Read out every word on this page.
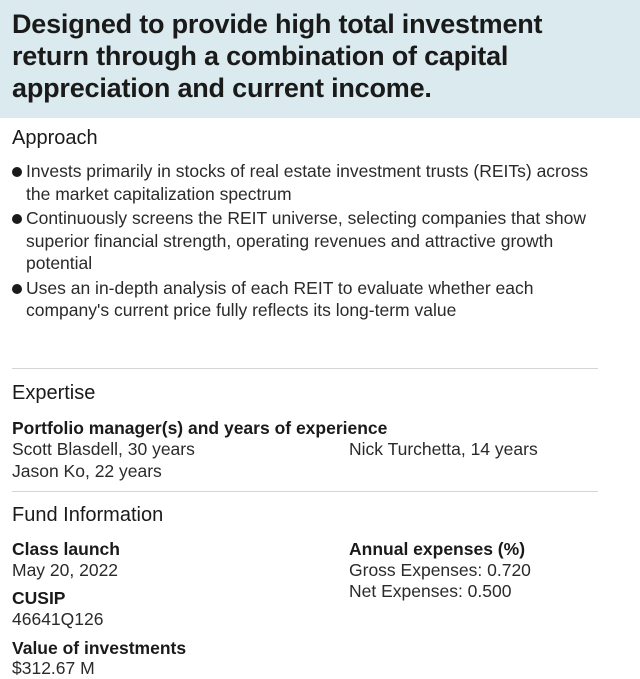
Designed to provide high total investment return through a combination of capital appreciation and current income.
Approach
Invests primarily in stocks of real estate investment trusts (REITs) across the market capitalization spectrum
Continuously screens the REIT universe, selecting companies that show superior financial strength, operating revenues and attractive growth potential
Uses an in-depth analysis of each REIT to evaluate whether each company's current price fully reflects its long-term value
Expertise

Portfolio manager(s) and years of experience

Scott Blasdell, 30 years	Nick Turchetta, 14 years

Jason Ko, 22 years

Fund Information

Class launch

May 20, 2022

CUSIP

46641Q126

Value of investments

$312.67 M

Annual expenses (%)

Gross Expenses: 0.720

Net Expenses: 0.500
